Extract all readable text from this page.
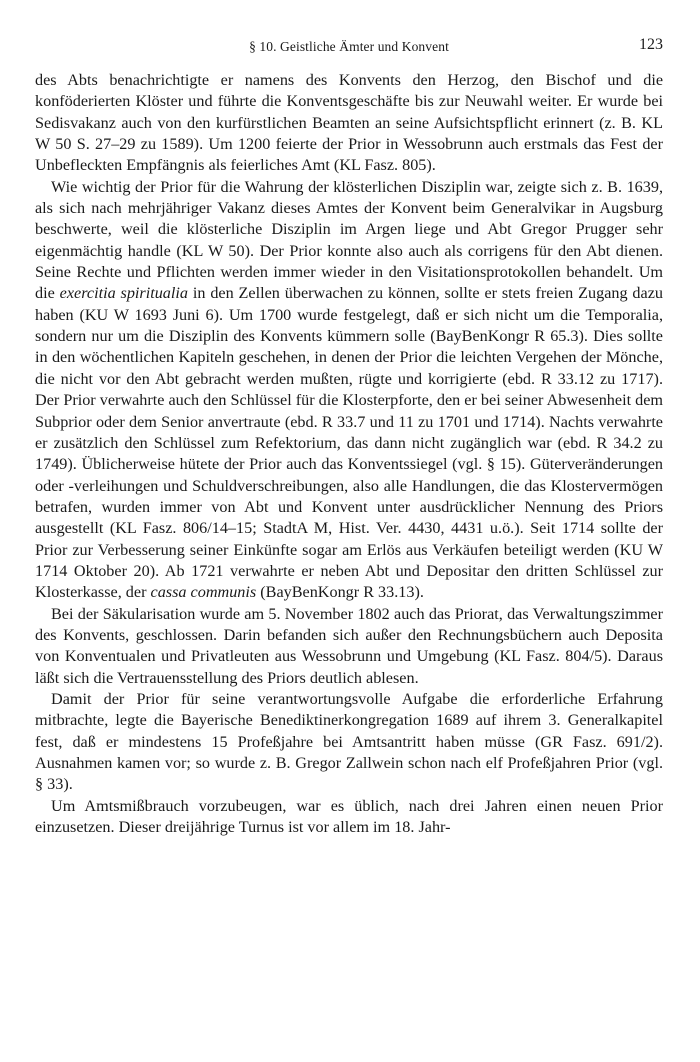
§ 10. Geistliche Ämter und Konvent	123

des Abts benachrichtigte er namens des Konvents den Herzog, den Bischof und die konföderierten Klöster und führte die Konventsgeschäfte bis zur Neuwahl weiter. Er wurde bei Sedisvakanz auch von den kurfürstlichen Beamten an seine Aufsichtspflicht erinnert (z. B. KL W 50 S. 27–29 zu 1589). Um 1200 feierte der Prior in Wessobrunn auch erstmals das Fest der Unbefleckten Empfängnis als feierliches Amt (KL Fasz. 805).

Wie wichtig der Prior für die Wahrung der klösterlichen Disziplin war, zeigte sich z. B. 1639, als sich nach mehrjähriger Vakanz dieses Amtes der Konvent beim Generalvikar in Augsburg beschwerte, weil die klösterliche Disziplin im Argen liege und Abt Gregor Prugger sehr eigenmächtig handle (KL W 50). Der Prior konnte also auch als corrigens für den Abt dienen. Seine Rechte und Pflichten werden immer wieder in den Visitationsprotokollen behandelt. Um die exercitia spiritualia in den Zellen überwachen zu können, sollte er stets freien Zugang dazu haben (KU W 1693 Juni 6). Um 1700 wurde festgelegt, daß er sich nicht um die Temporalia, sondern nur um die Disziplin des Konvents kümmern solle (BayBenKongr R 65.3). Dies sollte in den wöchentlichen Kapiteln geschehen, in denen der Prior die leichten Vergehen der Mönche, die nicht vor den Abt gebracht werden mußten, rügte und korrigierte (ebd. R 33.12 zu 1717). Der Prior verwahrte auch den Schlüssel für die Klosterpforte, den er bei seiner Abwesenheit dem Subprior oder dem Senior anvertraute (ebd. R 33.7 und 11 zu 1701 und 1714). Nachts verwahrte er zusätzlich den Schlüssel zum Refektorium, das dann nicht zugänglich war (ebd. R 34.2 zu 1749). Üblicherweise hütete der Prior auch das Konventssiegel (vgl. § 15). Güterveränderungen oder -verleihungen und Schuldverschreibungen, also alle Handlungen, die das Klostervermögen betrafen, wurden immer von Abt und Konvent unter ausdrücklicher Nennung des Priors ausgestellt (KL Fasz. 806/14–15; StadtA M, Hist. Ver. 4430, 4431 u.ö.). Seit 1714 sollte der Prior zur Verbesserung seiner Einkünfte sogar am Erlös aus Verkäufen beteiligt werden (KU W 1714 Oktober 20). Ab 1721 verwahrte er neben Abt und Depositar den dritten Schlüssel zur Klosterkasse, der cassa communis (BayBenKongr R 33.13).

Bei der Säkularisation wurde am 5. November 1802 auch das Priorat, das Verwaltungszimmer des Konvents, geschlossen. Darin befanden sich außer den Rechnungsbüchern auch Deposita von Konventualen und Privatleuten aus Wessobrunn und Umgebung (KL Fasz. 804/5). Daraus läßt sich die Vertrauensstellung des Priors deutlich ablesen.

Damit der Prior für seine verantwortungsvolle Aufgabe die erforderliche Erfahrung mitbrachte, legte die Bayerische Benediktinerkongregation 1689 auf ihrem 3. Generalkapitel fest, daß er mindestens 15 Profeßjahre bei Amtsantritt haben müsse (GR Fasz. 691/2). Ausnahmen kamen vor; so wurde z. B. Gregor Zallwein schon nach elf Profeßjahren Prior (vgl. § 33).

Um Amtsmißbrauch vorzubeugen, war es üblich, nach drei Jahren einen neuen Prior einzusetzen. Dieser dreijährige Turnus ist vor allem im 18. Jahr-
